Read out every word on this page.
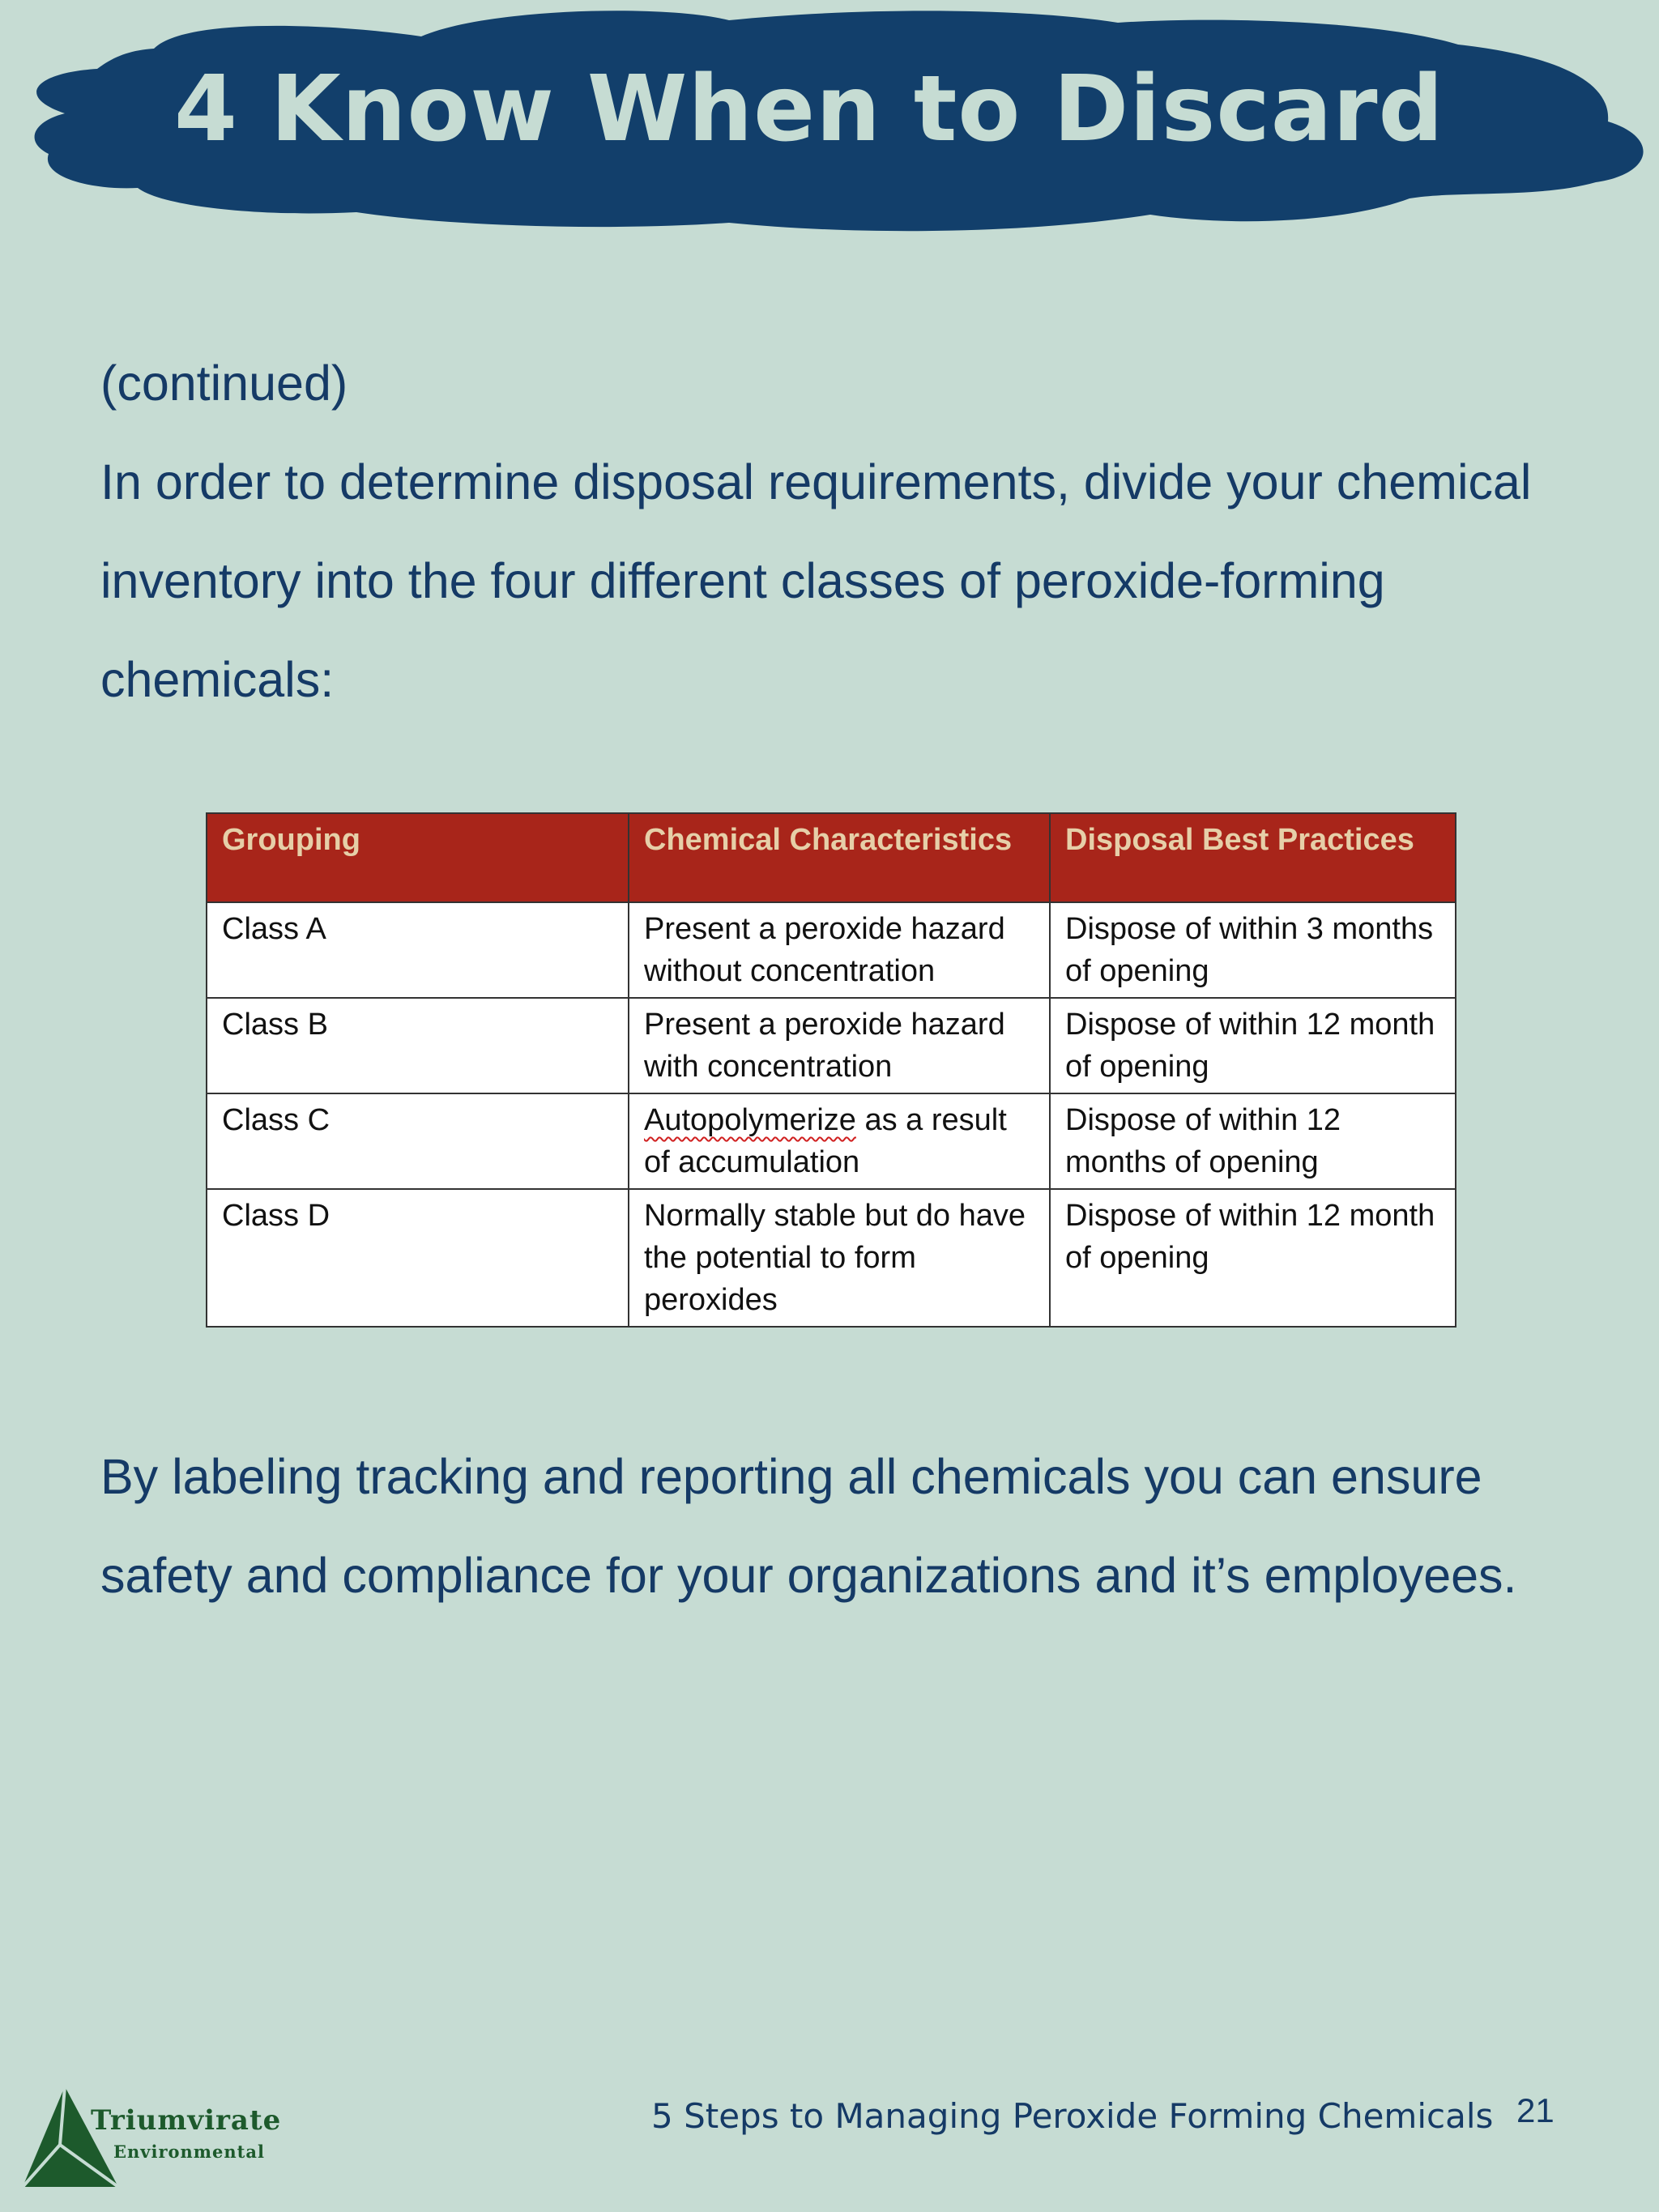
4 Know When to Discard

(continued)

In order to determine disposal requirements, divide your chemical inventory into the four different classes of peroxide-forming chemicals:

Grouping	Chemical Characteristics	Disposal Best Practices
Class A	Present a peroxide hazard without concentration	Dispose of within 3 months of opening
Class B	Present a peroxide hazard with concentration	Dispose of within 12 month of opening
Class C	Autopolymerize as a result of accumulation	Dispose of within 12 months of opening
Class D	Normally stable but do have the potential to form peroxides	Dispose of within 12 month of opening

By labeling tracking and reporting all chemicals you can ensure safety and compliance for your organizations and it’s employees.

Triumvirate
Environmental
5 Steps to Managing Peroxide Forming Chemicals 21
